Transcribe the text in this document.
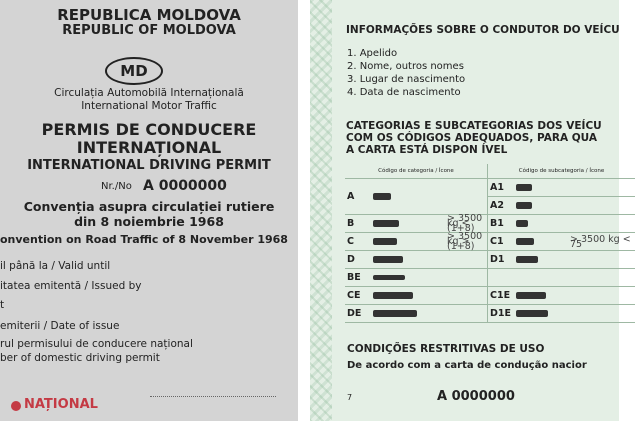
REPUBLICA MOLDOVA
REPUBLIC OF MOLDOVA
MD
Circulația Automobilă Internațională
International Motor Traffic
PERMIS DE CONDUCERE
INTERNAȚIONAL
INTERNATIONAL DRIVING PERMIT
Nr./No A 0000000
Convenția asupra circulației rutiere
din 8 noiembrie 1968
onvention on Road Traffic of 8 November 1968
il până la / Valid until
itatea emitentă / Issued by
t
emiterii / Date of issue
rul permisului de conducere național
ber of domestic driving permit
NAȚIONAL
INFORMAÇÕES SOBRE O CONDUTOR DO VEÍCU
1. Apelido
2. Nome, outros nomes
3. Lugar de nascimento
4. Data de nascimento
CATEGORIAS E SUBCATEGORIAS DOS VEÍCU
COM OS CÓDIGOS ADEQUADOS, PARA QUA
A CARTA ESTÁ DISPON ÍVEL
Código de categoria / Ícone			Código de subcategoria / Ícone		
A			A1		
			A2		
B		> 3500 kg < (1+8)	B1		
C		> 3500 kg > (1+8)	C1		> 3500 kg < 75
D			D1		
BE					
CE			C1E		
DE			D1E		
CONDIÇÕES RESTRITIVAS DE USO
De acordo com a carta de condução nacior
7	A 0000000
